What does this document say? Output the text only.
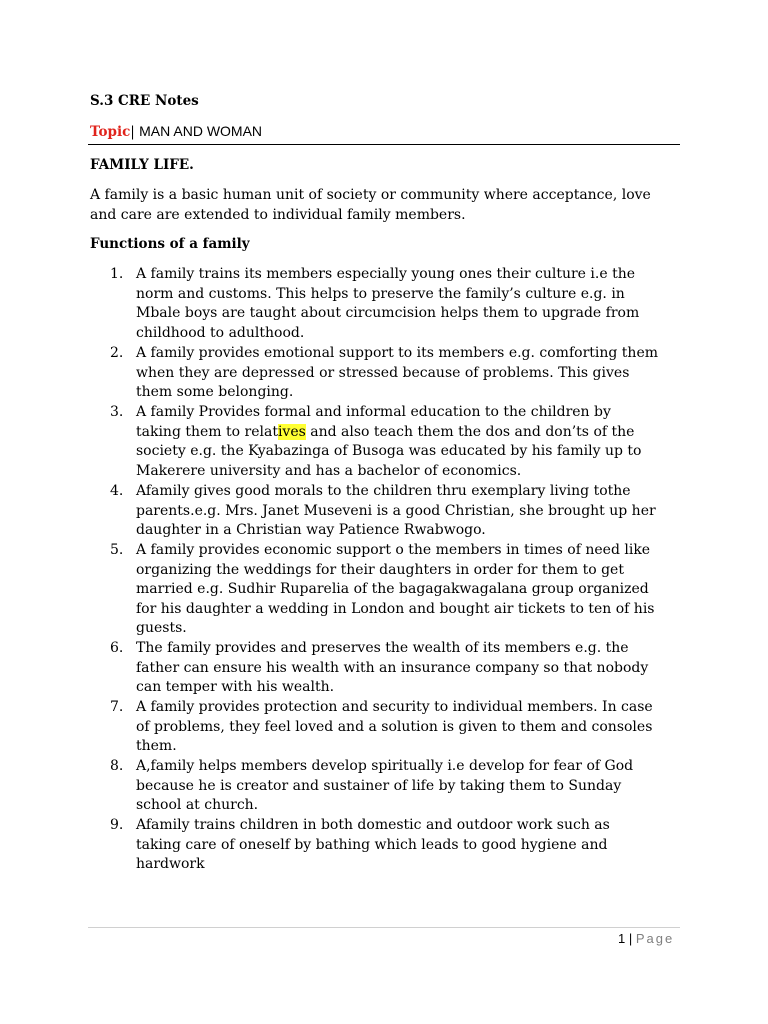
S.3 CRE Notes
Topic| MAN AND WOMAN
FAMILY LIFE.
A family is a basic human unit of society or community where acceptance, love
and care are extended to individual family members.
Functions of a family
1. A family trains its members especially young ones their culture i.e the
norm and customs. This helps to preserve the family’s culture e.g. in
Mbale boys are taught about circumcision helps them to upgrade from
childhood to adulthood.
2. A family provides emotional support to its members e.g. comforting them
when they are depressed or stressed because of problems. This gives
them some belonging.
3. A family Provides formal and informal education to the children by
taking them to relatives and also teach them the dos and don’ts of the
society e.g. the Kyabazinga of Busoga was educated by his family up to
Makerere university and has a bachelor of economics.
4. Afamily gives good morals to the children thru exemplary living tothe
parents.e.g. Mrs. Janet Museveni is a good Christian, she brought up her
daughter in a Christian way Patience Rwabwogo.
5. A family provides economic support o the members in times of need like
organizing the weddings for their daughters in order for them to get
married e.g. Sudhir Ruparelia of the bagagakwagalana group organized
for his daughter a wedding in London and bought air tickets to ten of his
guests.
6. The family provides and preserves the wealth of its members e.g. the
father can ensure his wealth with an insurance company so that nobody
can temper with his wealth.
7. A family provides protection and security to individual members. In case
of problems, they feel loved and a solution is given to them and consoles
them.
8. A,family helps members develop spiritually i.e develop for fear of God
because he is creator and sustainer of life by taking them to Sunday
school at church.
9. Afamily trains children in both domestic and outdoor work such as
taking care of oneself by bathing which leads to good hygiene and
hardwork
1 | Page
